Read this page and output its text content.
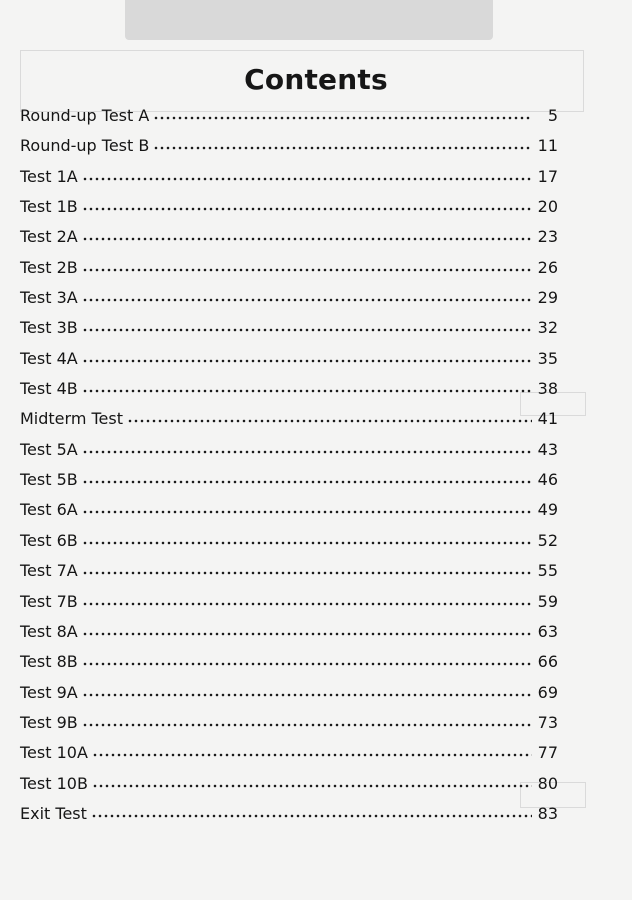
Contents
Round-up Test A	5
Round-up Test B	11
Test 1A	17
Test 1B	20
Test 2A	23
Test 2B	26
Test 3A	29
Test 3B	32
Test 4A	35
Test 4B	38
Midterm Test	41
Test 5A	43
Test 5B	46
Test 6A	49
Test 6B	52
Test 7A	55
Test 7B	59
Test 8A	63
Test 8B	66
Test 9A	69
Test 9B	73
Test 10A	77
Test 10B	80
Exit Test	83
